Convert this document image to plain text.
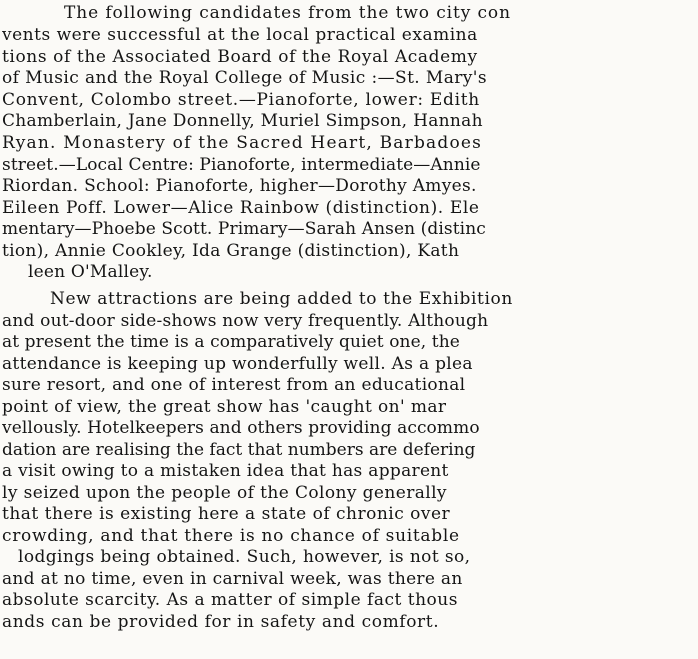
The following candidates from the two city con
vents were successful at the local practical examina
tions of the Associated Board of the Royal Academy
of Music and the Royal College of Music :—St. Mary's
Convent, Colombo street.—Pianoforte, lower: Edith
Chamberlain, Jane Donnelly, Muriel Simpson, Hannah
Ryan. Monastery of the Sacred Heart, Barbadoes
street.—Local Centre: Pianoforte, intermediate—Annie
Riordan. School: Pianoforte, higher—Dorothy Amyes.
Eileen Poff. Lower—Alice Rainbow (distinction). Ele
mentary—Phoebe Scott. Primary—Sarah Ansen (distinc
tion), Annie Cookley, Ida Grange (distinction), Kath
leen O'Malley.
New attractions are being added to the Exhibition
and out-door side-shows now very frequently. Although
at present the time is a comparatively quiet one, the
attendance is keeping up wonderfully well. As a plea
sure resort, and one of interest from an educational
point of view, the great show has 'caught on' mar
vellously. Hotelkeepers and others providing accommo
dation are realising the fact that numbers are defering
a visit owing to a mistaken idea that has apparent
ly seized upon the people of the Colony generally
that there is existing here a state of chronic over
crowding, and that there is no chance of suitable
lodgings being obtained. Such, however, is not so,
and at no time, even in carnival week, was there an
absolute scarcity. As a matter of simple fact thous
ands can be provided for in safety and comfort.
